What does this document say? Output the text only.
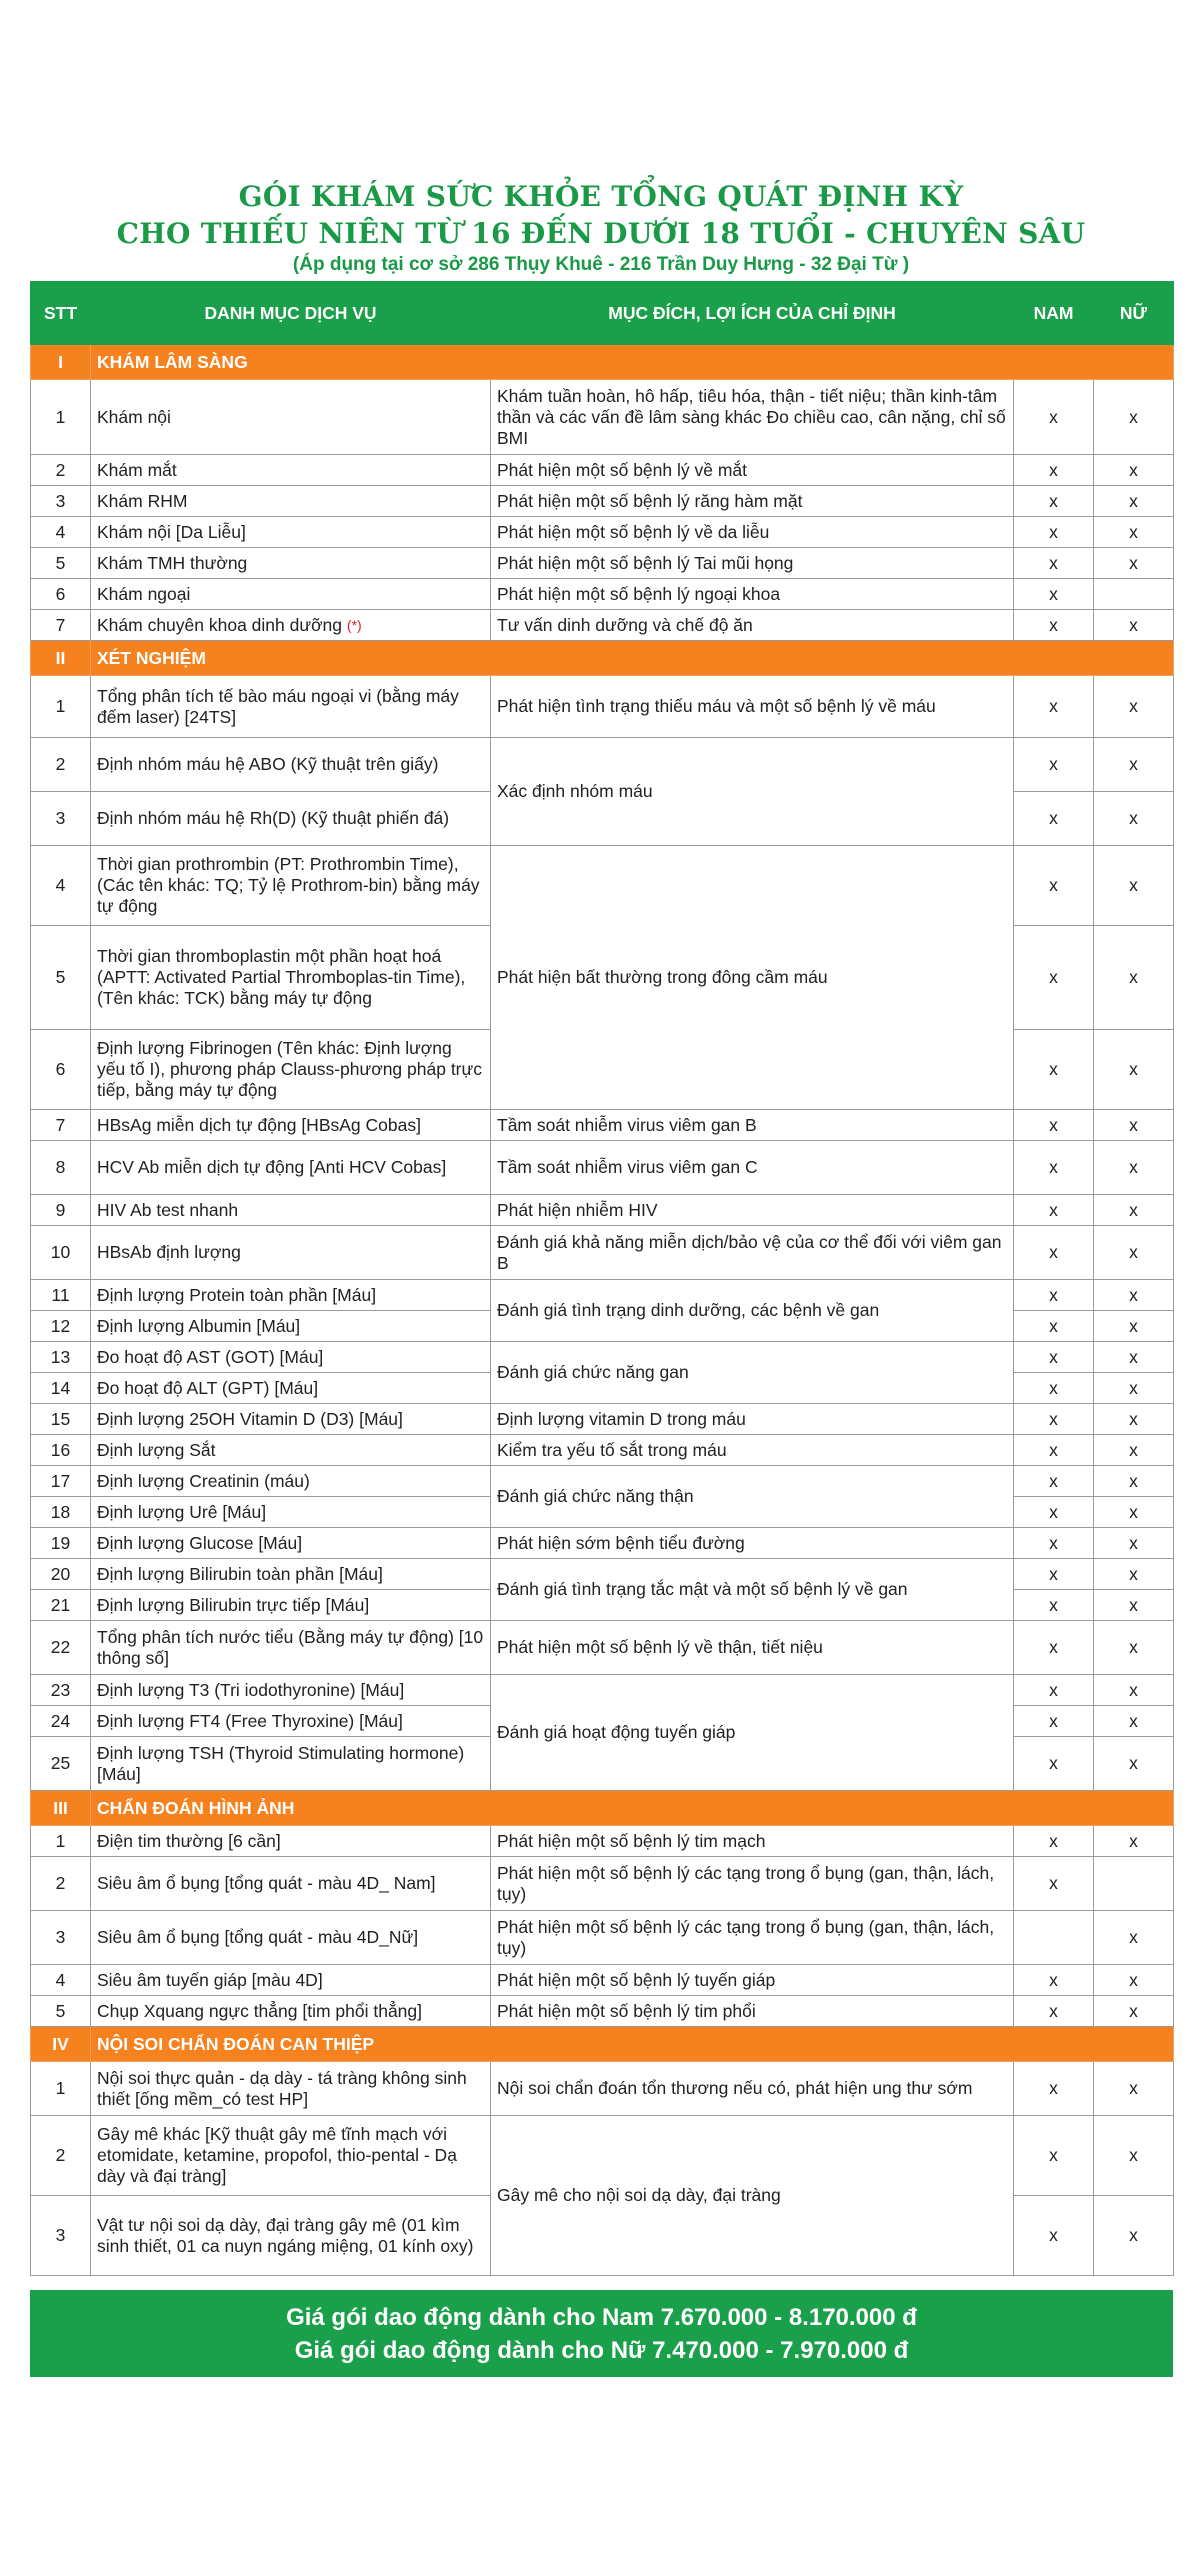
GÓI KHÁM SỨC KHỎE TỔNG QUÁT ĐỊNH KỲ
CHO THIẾU NIÊN TỪ 16 ĐẾN DƯỚI 18 TUỔI - CHUYÊN SÂU
(Áp dụng tại cơ sở 286 Thụy Khuê - 216 Trần Duy Hưng - 32 Đại Từ )
STT	DANH MỤC DỊCH VỤ	MỤC ĐÍCH, LỢI ÍCH CỦA CHỈ ĐỊNH	NAM	NỮ
I	KHÁM LÂM SÀNG			
1	Khám nội	Khám tuần hoàn, hô hấp, tiêu hóa, thận - tiết niệu; thần kinh-tâm thần và các vấn đề lâm sàng khác Đo chiều cao, cân nặng, chỉ số BMI	x	x
2	Khám mắt	Phát hiện một số bệnh lý về mắt	x	x
3	Khám RHM	Phát hiện một số bệnh lý răng hàm mặt	x	x
4	Khám nội [Da Liễu]	Phát hiện một số bệnh lý về da liễu	x	x
5	Khám TMH thường	Phát hiện một số bệnh lý Tai mũi họng	x	x
6	Khám ngoại	Phát hiện một số bệnh lý ngoại khoa	x	
7	Khám chuyên khoa dinh dưỡng (*)	Tư vấn dinh dưỡng và chế độ ăn	x	x
II	XÉT NGHIỆM			
1	Tổng phân tích tế bào máu ngoại vi (bằng máy đếm laser) [24TS]	Phát hiện tình trạng thiếu máu và một số bệnh lý về máu	x	x
2	Định nhóm máu hệ ABO (Kỹ thuật trên giấy)	Xác định nhóm máu	x	x
3	Định nhóm máu hệ Rh(D) (Kỹ thuật phiến đá)		x	x
4	Thời gian prothrombin (PT: Prothrombin Time), (Các tên khác: TQ; Tỷ lệ Prothrom-bin) bằng máy tự động	Phát hiện bất thường trong đông cầm máu	x	x
5	Thời gian thromboplastin một phần hoạt hoá (APTT: Activated Partial Thromboplas-tin Time), (Tên khác: TCK) bằng máy tự động		x	x
6	Định lượng Fibrinogen (Tên khác: Định lượng yếu tố I), phương pháp Clauss-phương pháp trực tiếp, bằng máy tự động		x	x
7	HBsAg miễn dịch tự động [HBsAg Cobas]	Tầm soát nhiễm virus viêm gan B	x	x
8	HCV Ab miễn dịch tự động [Anti HCV Cobas]	Tầm soát nhiễm virus viêm gan C	x	x
9	HIV Ab test nhanh	Phát hiện nhiễm HIV	x	x
10	HBsAb định lượng	Đánh giá khả năng miễn dịch/bảo vệ của cơ thể đối với viêm gan B	x	x
11	Định lượng Protein toàn phần [Máu]	Đánh giá tình trạng dinh dưỡng, các bệnh về gan	x	x
12	Định lượng Albumin [Máu]		x	x
13	Đo hoạt độ AST (GOT) [Máu]	Đánh giá chức năng gan	x	x
14	Đo hoạt độ ALT (GPT) [Máu]		x	x
15	Định lượng 25OH Vitamin D (D3) [Máu]	Định lượng vitamin D trong máu	x	x
16	Định lượng Sắt	Kiểm tra yếu tố sắt trong máu	x	x
17	Định lượng Creatinin (máu)	Đánh giá chức năng thận	x	x
18	Định lượng Urê [Máu]		x	x
19	Định lượng Glucose [Máu]	Phát hiện sớm bệnh tiểu đường	x	x
20	Định lượng Bilirubin toàn phần [Máu]	Đánh giá tình trạng tắc mật và một số bệnh lý về gan	x	x
21	Định lượng Bilirubin trực tiếp [Máu]		x	x
22	Tổng phân tích nước tiểu (Bằng máy tự động) [10 thông số]	Phát hiện một số bệnh lý về thận, tiết niệu	x	x
23	Định lượng T3 (Tri iodothyronine) [Máu]	Đánh giá hoạt động tuyến giáp	x	x
24	Định lượng FT4 (Free Thyroxine) [Máu]		x	x
25	Định lượng TSH (Thyroid Stimulating hormone) [Máu]		x	x
III	CHẨN ĐOÁN HÌNH ẢNH			
1	Điện tim thường [6 cần]	Phát hiện một số bệnh lý tim mạch	x	x
2	Siêu âm ổ bụng [tổng quát - màu 4D_ Nam]	Phát hiện một số bệnh lý các tạng trong ổ bụng (gan, thận, lách, tụy)	x	
3	Siêu âm ổ bụng [tổng quát - màu 4D_Nữ]	Phát hiện một số bệnh lý các tạng trong ổ bụng (gan, thận, lách, tụy)		x
4	Siêu âm tuyến giáp [màu 4D]	Phát hiện một số bệnh lý tuyến giáp	x	x
5	Chụp Xquang ngực thẳng [tim phổi thẳng]	Phát hiện một số bệnh lý tim phổi	x	x
IV	NỘI SOI CHẨN ĐOÁN CAN THIỆP			
1	Nội soi thực quản - dạ dày - tá tràng không sinh thiết [ống mềm_có test HP]	Nội soi chẩn đoán tổn thương nếu có, phát hiện ung thư sớm	x	x
2	Gây mê khác [Kỹ thuật gây mê tĩnh mạch với etomidate, ketamine, propofol, thio-pental - Dạ dày và đại tràng]	Gây mê cho nội soi dạ dày, đại tràng	x	x
3	Vật tư nội soi dạ dày, đại tràng gây mê (01 kìm sinh thiết, 01 ca nuyn ngáng miệng, 01 kính oxy)		x	x
Giá gói dao động dành cho Nam 7.670.000 - 8.170.000 đ
Giá gói dao động dành cho Nữ 7.470.000 - 7.970.000 đ
